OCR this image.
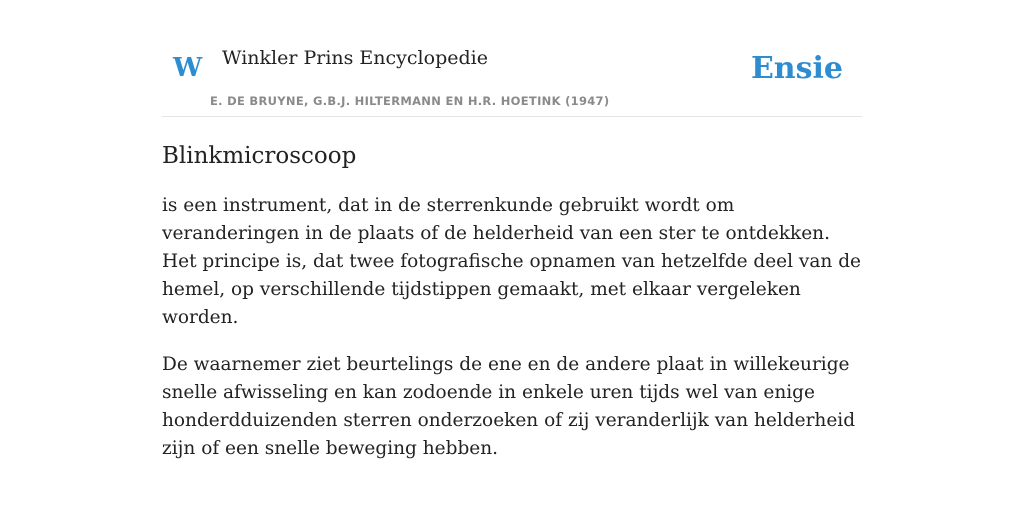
W Winkler Prins Encyclopedie
E. DE BRUYNE, G.B.J. HILTERMANN EN H.R. HOETINK (1947)
Ensie
Blinkmicroscoop

is een instrument, dat in de sterrenkunde gebruikt wordt om veranderingen in de plaats of de helderheid van een ster te ontdekken. Het principe is, dat twee fotografische opnamen van hetzelfde deel van de hemel, op verschillende tijdstippen gemaakt, met elkaar vergeleken worden.

De waarnemer ziet beurtelings de ene en de andere plaat in willekeurige snelle afwisseling en kan zodoende in enkele uren tijds wel van enige honderdduizenden sterren onderzoeken of zij veranderlijk van helderheid zijn of een snelle beweging hebben.
